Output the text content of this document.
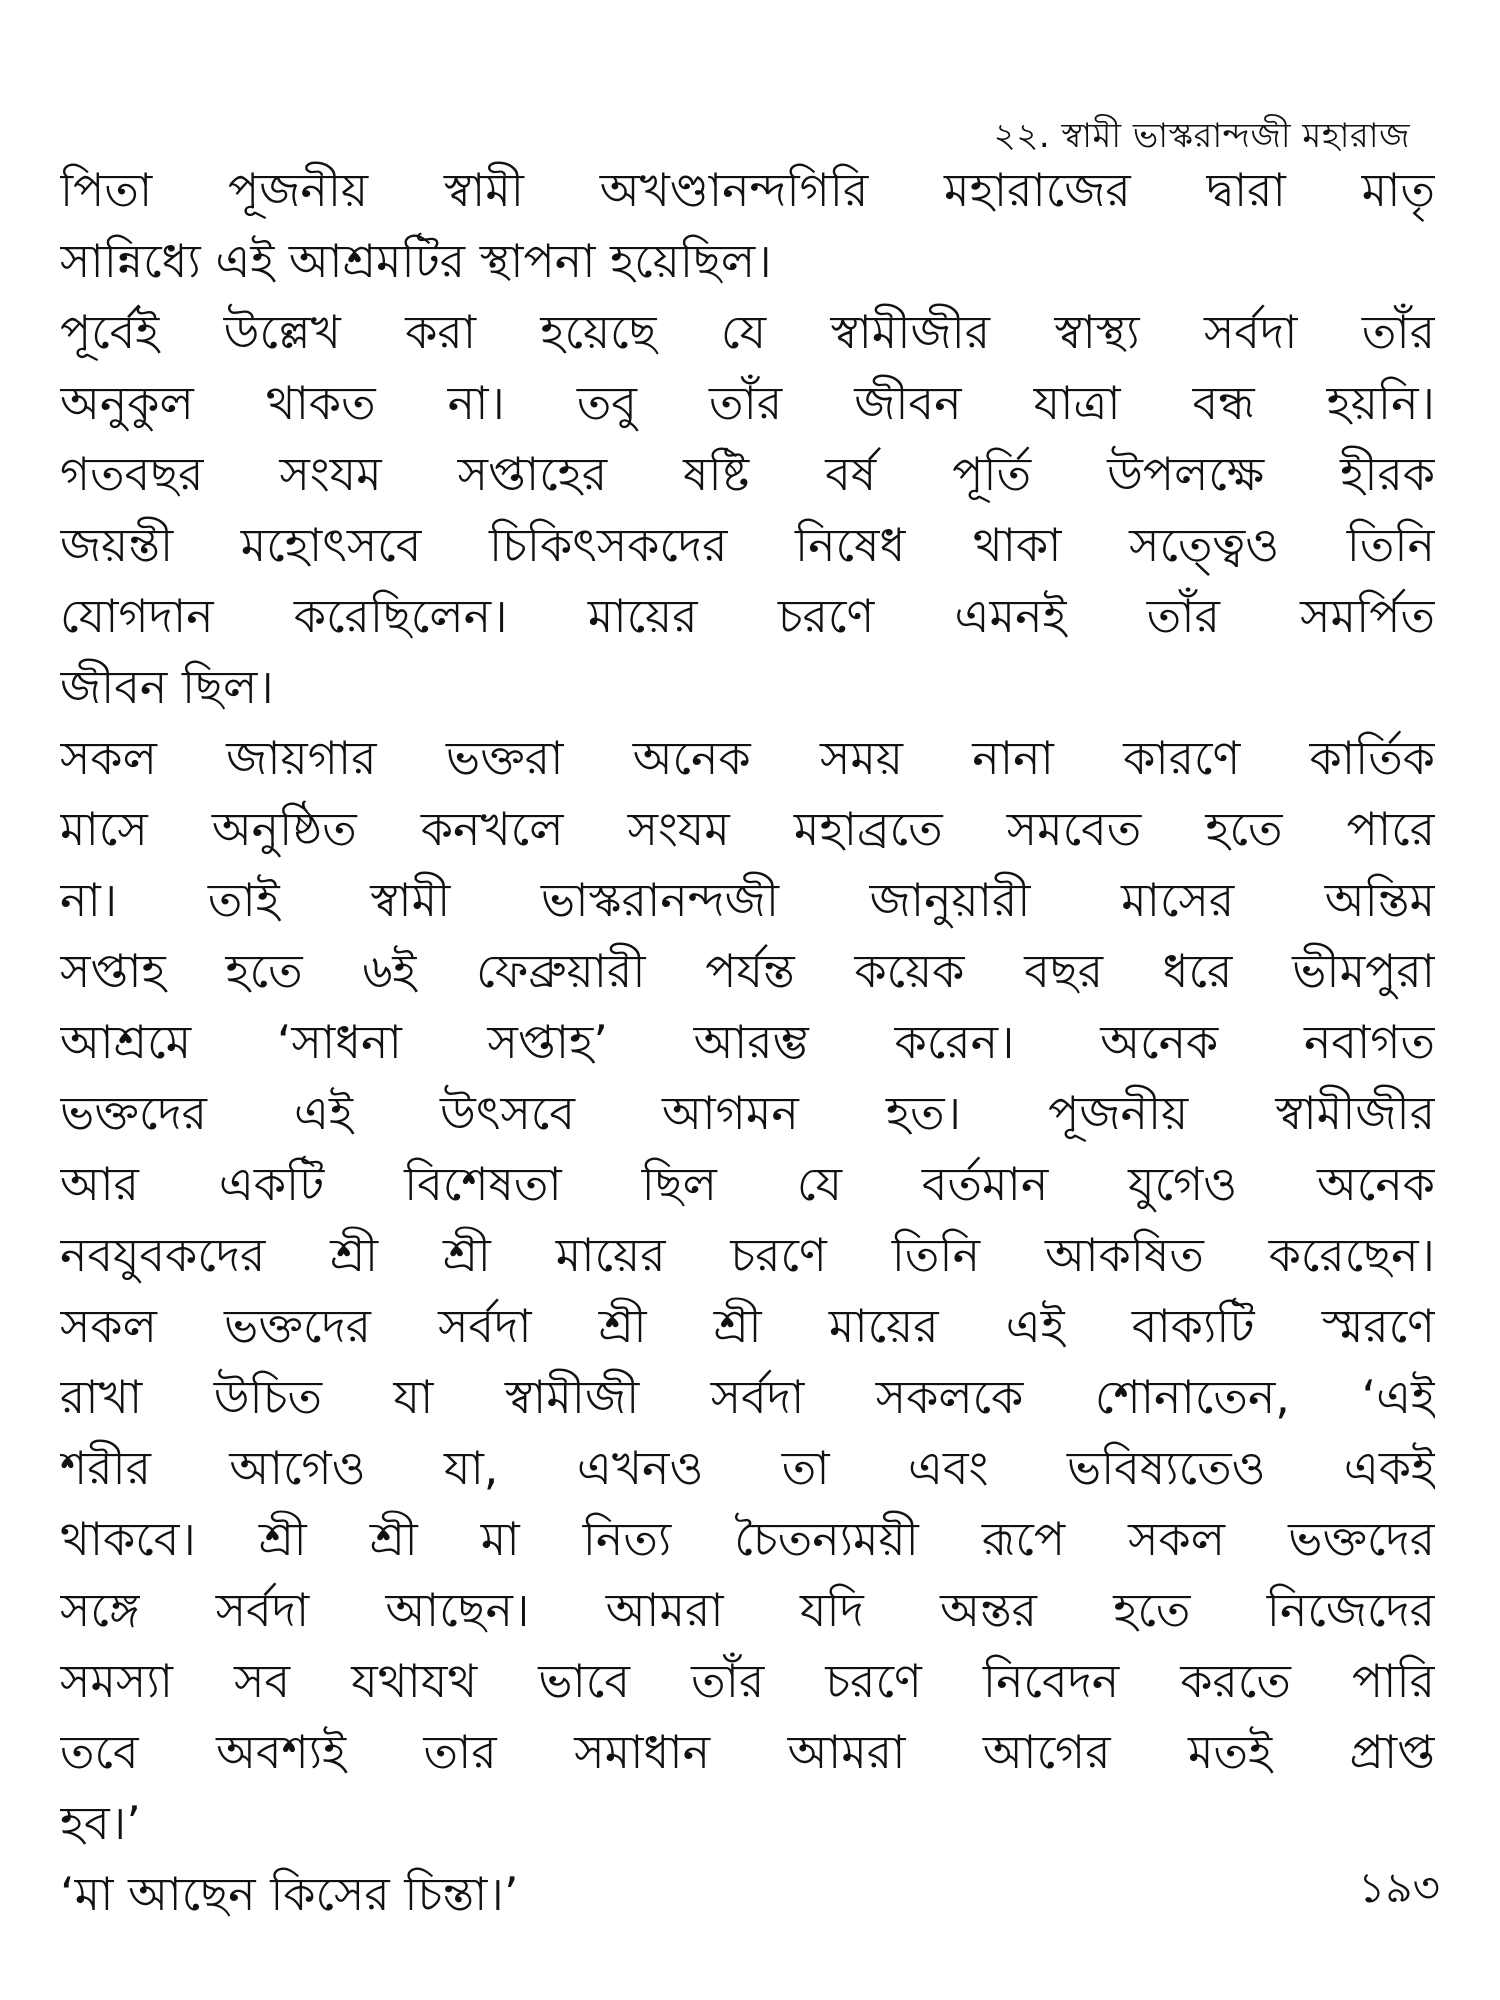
২২. স্বামী ভাস্করান্দজী মহারাজ
পিতা পূজনীয় স্বামী অখণ্ডানন্দগিরি মহারাজের দ্বারা মাতৃ
সান্নিধ্যে এই আশ্রমটির স্থাপনা হয়েছিল।
পূর্বেই উল্লেখ করা হয়েছে যে স্বামীজীর স্বাস্থ্য সর্বদা তাঁর
অনুকুল থাকত না। তবু তাঁর জীবন যাত্রা বন্ধ হয়নি।
গতবছর সংযম সপ্তাহের ষষ্টি বর্ষ পূর্তি উপলক্ষে হীরক
জয়ন্তী মহোৎসবে চিকিৎসকদের নিষেধ থাকা সত্ত্বেও তিনি
যোগদান করেছিলেন। মায়ের চরণে এমনই তাঁর সমর্পিত
জীবন ছিল।
সকল জায়গার ভক্তরা অনেক সময় নানা কারণে কার্তিক
মাসে অনুষ্ঠিত কনখলে সংযম মহাব্রতে সমবেত হতে পারে
না। তাই স্বামী ভাস্করানন্দজী জানুয়ারী মাসের অন্তিম
সপ্তাহ হতে ৬ই ফেব্রুয়ারী পর্যন্ত কয়েক বছর ধরে ভীমপুরা
আশ্রমে ‘সাধনা সপ্তাহ’ আরম্ভ করেন। অনেক নবাগত
ভক্তদের এই উৎসবে আগমন হত। পূজনীয় স্বামীজীর
আর একটি বিশেষতা ছিল যে বর্তমান যুগেও অনেক
নবযুবকদের শ্রী শ্রী মায়ের চরণে তিনি আকষিত করেছেন।
সকল ভক্তদের সর্বদা শ্রী শ্রী মায়ের এই বাক্যটি স্মরণে
রাখা উচিত যা স্বামীজী সর্বদা সকলকে শোনাতেন, ‘এই
শরীর আগেও যা, এখনও তা এবং ভবিষ্যতেও একই
থাকবে। শ্রী শ্রী মা নিত্য চৈতন্যময়ী রূপে সকল ভক্তদের
সঙ্গে সর্বদা আছেন। আমরা যদি অন্তর হতে নিজেদের
সমস্যা সব যথাযথ ভাবে তাঁর চরণে নিবেদন করতে পারি
তবে অবশ্যই তার সমাধান আমরা আগের মতই প্রাপ্ত
হব।’
‘মা আছেন কিসের চিন্তা।’	১৯৩
